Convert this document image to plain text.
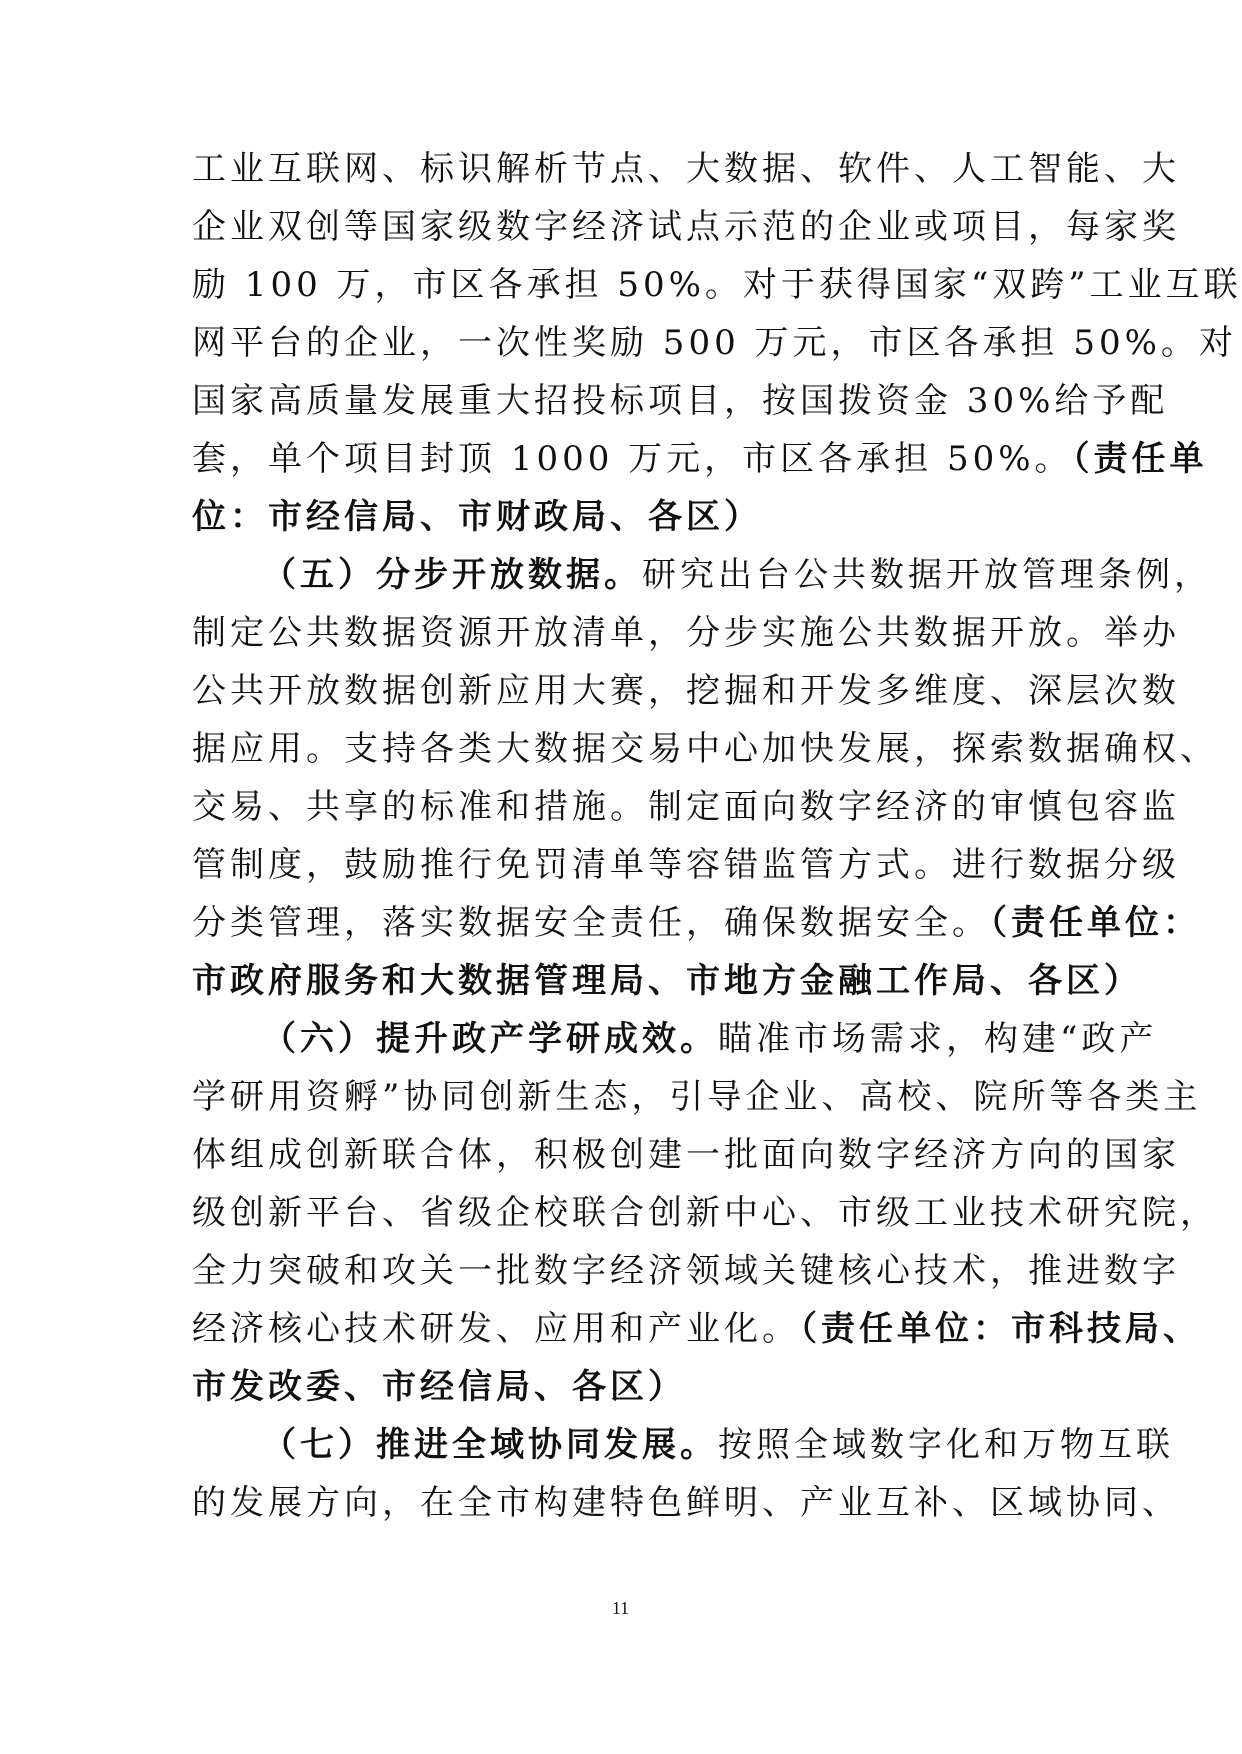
工业互联网、标识解析节点、大数据、软件、人工智能、大
企业双创等国家级数字经济试点示范的企业或项目，每家奖
励 100 万，市区各承担 50%。对于获得国家“双跨”工业互联
网平台的企业，一次性奖励 500 万元，市区各承担 50%。对
国家高质量发展重大招投标项目，按国拨资金 30%给予配
套，单个项目封顶 1000 万元，市区各承担 50%。（责任单
位：市经信局、市财政局、各区）
（五）分步开放数据。研究出台公共数据开放管理条例，
制定公共数据资源开放清单，分步实施公共数据开放。举办
公共开放数据创新应用大赛，挖掘和开发多维度、深层次数
据应用。支持各类大数据交易中心加快发展，探索数据确权、
交易、共享的标准和措施。制定面向数字经济的审慎包容监
管制度，鼓励推行免罚清单等容错监管方式。进行数据分级
分类管理，落实数据安全责任，确保数据安全。（责任单位：
市政府服务和大数据管理局、市地方金融工作局、各区）
（六）提升政产学研成效。瞄准市场需求，构建“政产
学研用资孵”协同创新生态，引导企业、高校、院所等各类主
体组成创新联合体，积极创建一批面向数字经济方向的国家
级创新平台、省级企校联合创新中心、市级工业技术研究院，
全力突破和攻关一批数字经济领域关键核心技术，推进数字
经济核心技术研发、应用和产业化。（责任单位：市科技局、
市发改委、市经信局、各区）
（七）推进全域协同发展。按照全域数字化和万物互联
的发展方向，在全市构建特色鲜明、产业互补、区域协同、
11
